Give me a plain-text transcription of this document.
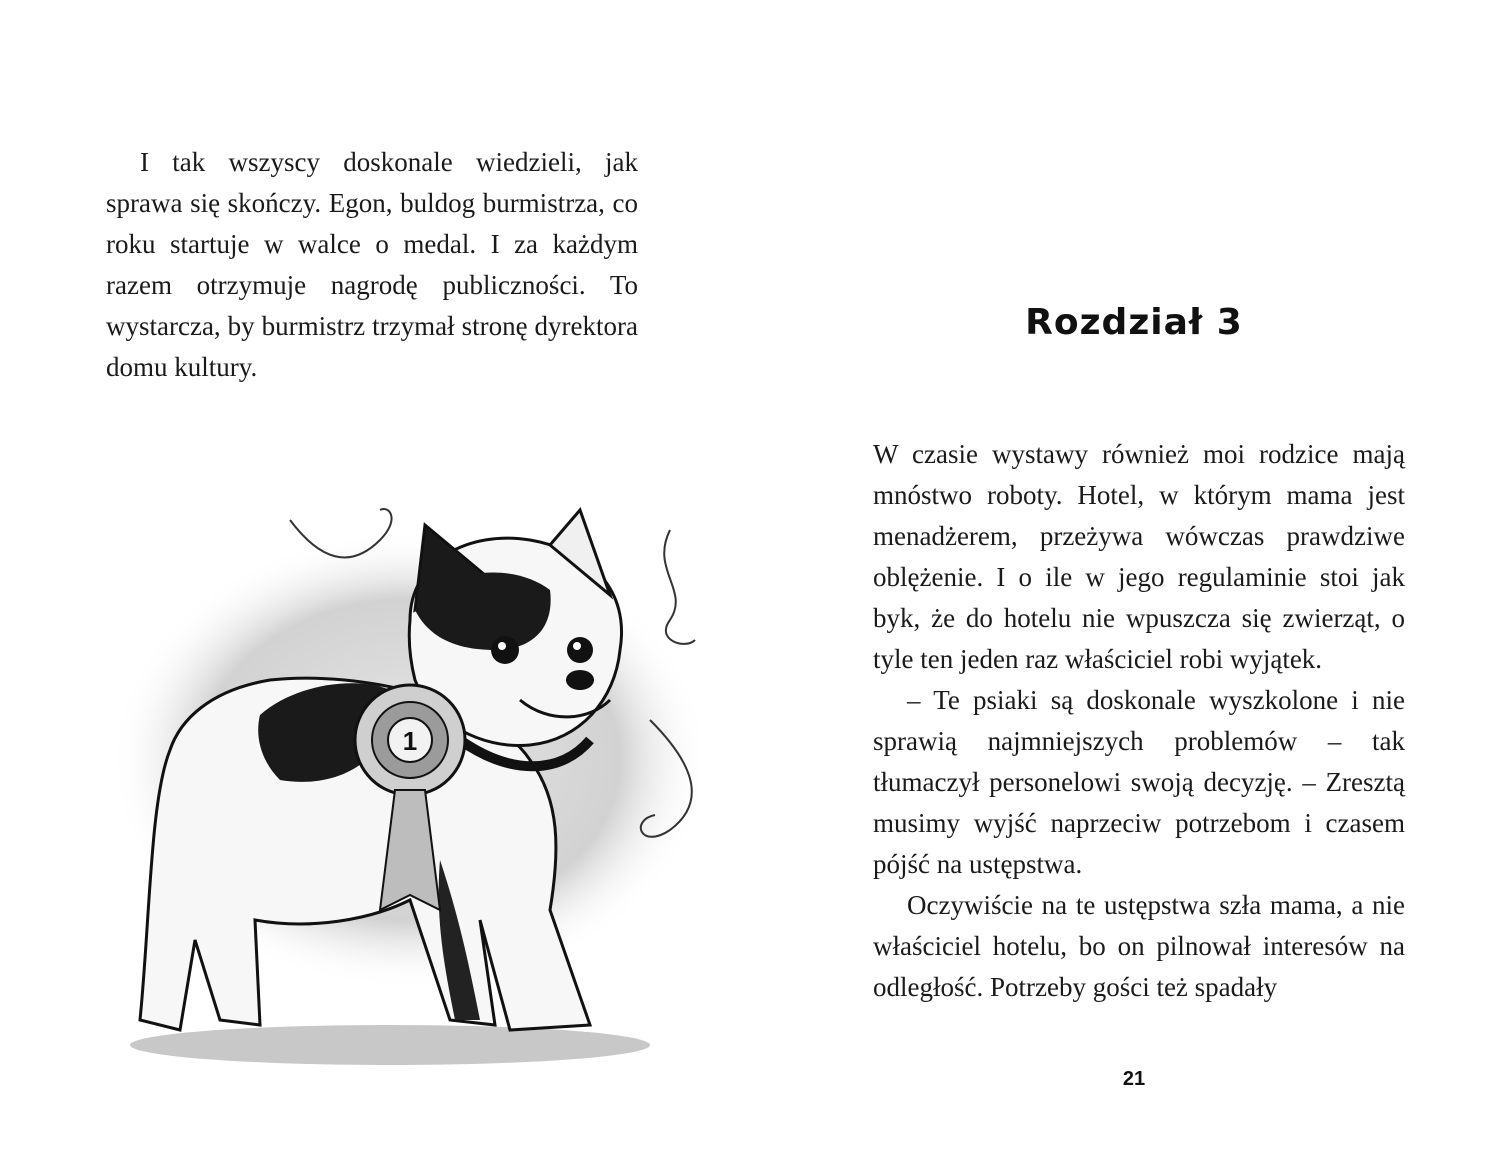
I tak wszyscy doskonale wiedzieli, jak sprawa się skończy. Egon, buldog burmistrza, co roku startuje w walce o medal. I za każdym razem otrzymuje nagrodę publiczności. To wystarcza, by burmistrz trzymał stronę dyrektora domu kultury.

1
Rozdział 3

W czasie wystawy również moi rodzice mają mnóstwo roboty. Hotel, w którym mama jest menadżerem, przeżywa wówczas prawdziwe oblężenie. I o ile w jego regulaminie stoi jak byk, że do hotelu nie wpuszcza się zwierząt, o tyle ten jeden raz właściciel robi wyjątek.

– Te psiaki są doskonale wyszkolone i nie sprawią najmniejszych problemów – tak tłumaczył personelowi swoją decyzję. – Zresztą musimy wyjść naprzeciw potrzebom i czasem pójść na ustępstwa.

Oczywiście na te ustępstwa szła mama, a nie właściciel hotelu, bo on pilnował interesów na odległość. Potrzeby gości też spadały

21
